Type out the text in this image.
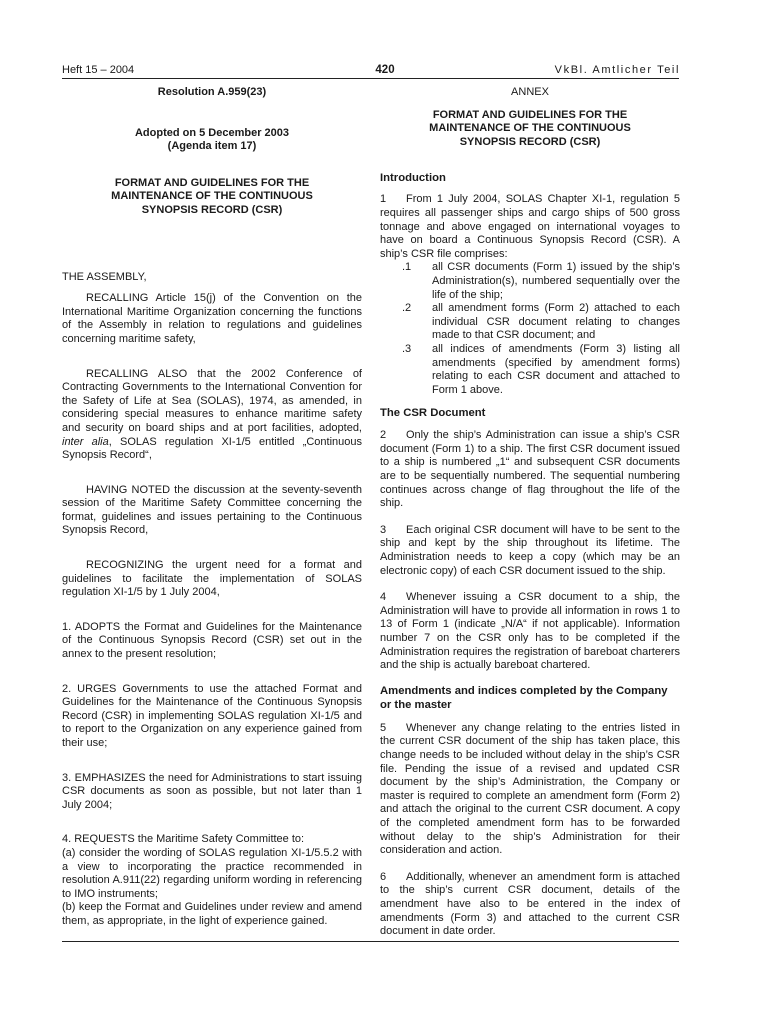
Heft 15 – 2004	420	VkBl. Amtlicher Teil

Resolution A.959(23)

Adopted on 5 December 2003

(Agenda item 17)

FORMAT AND GUIDELINES FOR THE

MAINTENANCE OF THE CONTINUOUS

SYNOPSIS RECORD (CSR)

THE ASSEMBLY,

RECALLING Article 15(j) of the Convention on the International Maritime Organization concerning the functions of the Assembly in relation to regulations and guidelines concerning maritime safety,

RECALLING ALSO that the 2002 Conference of Contracting Governments to the International Convention for the Safety of Life at Sea (SOLAS), 1974, as amended, in considering special measures to enhance maritime safety and security on board ships and at port facilities, adopted, inter alia, SOLAS regulation XI-1/5 entitled „Continuous Synopsis Record“,

HAVING NOTED the discussion at the seventy-seventh session of the Maritime Safety Committee concerning the format, guidelines and issues pertaining to the Continuous Synopsis Record,

RECOGNIZING the urgent need for a format and guidelines to facilitate the implementation of SOLAS regulation XI-1/5 by 1 July 2004,

1. ADOPTS the Format and Guidelines for the Maintenance of the Continuous Synopsis Record (CSR) set out in the annex to the present resolution;

2. URGES Governments to use the attached Format and Guidelines for the Maintenance of the Continuous Synopsis Record (CSR) in implementing SOLAS regulation XI-1/5 and to report to the Organization on any experience gained from their use;

3. EMPHASIZES the need for Administrations to start issuing CSR documents as soon as possible, but not later than 1 July 2004;

4. REQUESTS the Maritime Safety Committee to:

(a) consider the wording of SOLAS regulation XI-1/5.5.2 with a view to incorporating the practice recommended in resolution A.911(22) regarding uniform wording in referencing to IMO instruments;

(b) keep the Format and Guidelines under review and amend them, as appropriate, in the light of experience gained.

ANNEX

FORMAT AND GUIDELINES FOR THE

MAINTENANCE OF THE CONTINUOUS

SYNOPSIS RECORD (CSR)

Introduction

1 From 1 July 2004, SOLAS Chapter XI-1, regulation 5 requires all passenger ships and cargo ships of 500 gross tonnage and above engaged on international voyages to have on board a Continuous Synopsis Record (CSR). A ship’s CSR file comprises:

.1 all CSR documents (Form 1) issued by the ship’s Administration(s), numbered sequentially over the life of the ship;

.2 all amendment forms (Form 2) attached to each individual CSR document relating to changes made to that CSR document; and

.3 all indices of amendments (Form 3) listing all amendments (specified by amendment forms) relating to each CSR document and attached to Form 1 above.

The CSR Document

2 Only the ship’s Administration can issue a ship’s CSR document (Form 1) to a ship. The first CSR document issued to a ship is numbered „1“ and subsequent CSR documents are to be sequentially numbered. The sequential numbering continues across change of flag throughout the life of the ship.

3 Each original CSR document will have to be sent to the ship and kept by the ship throughout its lifetime. The Administration needs to keep a copy (which may be an electronic copy) of each CSR document issued to the ship.

4 Whenever issuing a CSR document to a ship, the Administration will have to provide all information in rows 1 to 13 of Form 1 (indicate „N/A“ if not applicable). Information number 7 on the CSR only has to be completed if the Administration requires the registration of bareboat charterers and the ship is actually bareboat chartered.

Amendments and indices completed by the Company or the master

5 Whenever any change relating to the entries listed in the current CSR document of the ship has taken place, this change needs to be included without delay in the ship’s CSR file. Pending the issue of a revised and updated CSR document by the ship’s Administration, the Company or master is required to complete an amendment form (Form 2) and attach the original to the current CSR document. A copy of the completed amendment form has to be forwarded without delay to the ship’s Administration for their consideration and action.

6 Additionally, whenever an amendment form is attached to the ship’s current CSR document, details of the amendment have also to be entered in the index of amendments (Form 3) and attached to the current CSR document in date order.
